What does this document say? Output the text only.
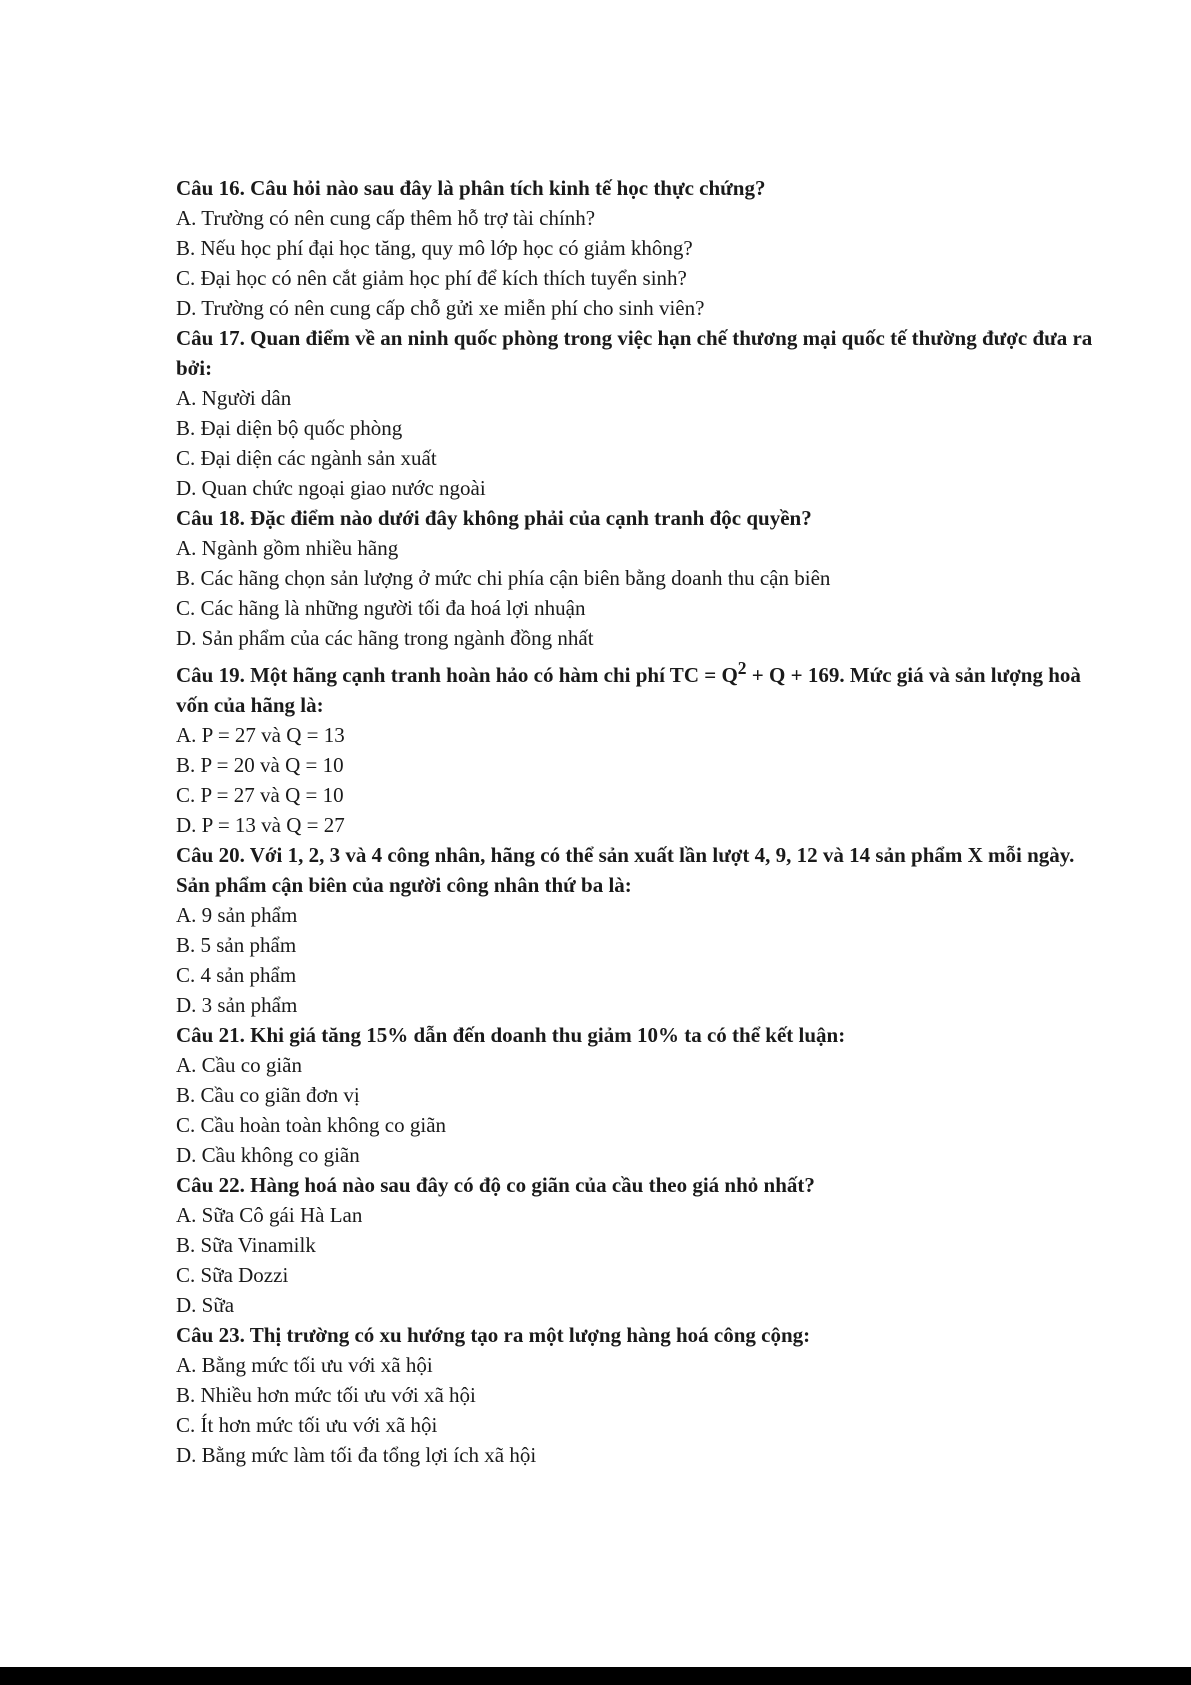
Câu 16. Câu hỏi nào sau đây là phân tích kinh tế học thực chứng?

A. Trường có nên cung cấp thêm hỗ trợ tài chính?

B. Nếu học phí đại học tăng, quy mô lớp học có giảm không?

C. Đại học có nên cắt giảm học phí để kích thích tuyển sinh?

D. Trường có nên cung cấp chỗ gửi xe miễn phí cho sinh viên?

Câu 17. Quan điểm về an ninh quốc phòng trong việc hạn chế thương mại quốc tế thường được đưa ra bởi:

A. Người dân

B. Đại diện bộ quốc phòng

C. Đại diện các ngành sản xuất

D. Quan chức ngoại giao nước ngoài

Câu 18. Đặc điểm nào dưới đây không phải của cạnh tranh độc quyền?

A. Ngành gồm nhiều hãng

B. Các hãng chọn sản lượng ở mức chi phía cận biên bằng doanh thu cận biên

C. Các hãng là những người tối đa hoá lợi nhuận

D. Sản phẩm của các hãng trong ngành đồng nhất

Câu 19. Một hãng cạnh tranh hoàn hảo có hàm chi phí TC = $Q^2 + Q + 169$. Mức giá và sản lượng hoà vốn của hãng là:

A. P = 27 và Q = 13

B. P = 20 và Q = 10

C. P = 27 và Q = 10

D. P = 13 và Q = 27

Câu 20. Với 1, 2, 3 và 4 công nhân, hãng có thể sản xuất lần lượt 4, 9, 12 và 14 sản phẩm X mỗi ngày. Sản phẩm cận biên của người công nhân thứ ba là:

A. 9 sản phẩm

B. 5 sản phẩm

C. 4 sản phẩm

D. 3 sản phẩm

Câu 21. Khi giá tăng 15% dẫn đến doanh thu giảm 10% ta có thể kết luận:

A. Cầu co giãn

B. Cầu co giãn đơn vị

C. Cầu hoàn toàn không co giãn

D. Cầu không co giãn

Câu 22. Hàng hoá nào sau đây có độ co giãn của cầu theo giá nhỏ nhất?

A. Sữa Cô gái Hà Lan

B. Sữa Vinamilk

C. Sữa Dozzi

D. Sữa

Câu 23. Thị trường có xu hướng tạo ra một lượng hàng hoá công cộng:

A. Bằng mức tối ưu với xã hội

B. Nhiều hơn mức tối ưu với xã hội

C. Ít hơn mức tối ưu với xã hội

D. Bằng mức làm tối đa tổng lợi ích xã hội
